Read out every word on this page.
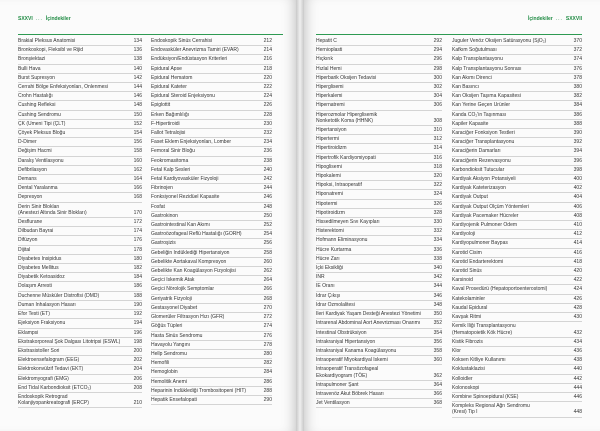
SXXVI ... İçindekiler
Brakial Pleksus Anatomisi	134
Bronkoskopi, Fleksibl ve Rijid	136
Bronşiektazi	138
Bulli Hava	140
Burst Supresyon	142
Cerrahi Bölge Enfeksiyonları, Önlenmesi	144
Crohn Hastalığı	146
Cushing Refleksi	148
Cushing Sendromu	150
ÇK (Ümeni Tipi (ÇLT)	152
Çöyek Pleksus Bloğu	154
D-Dimer	156
Değişim Hacmi	158
Daralış Ventilasyonu	160
Defibrilasyon	162
Demans	164
Dental Yaralanma	166
Depresyon	168
Derin Sinir Blokları
(Anestezi Altında Sinir Blokları)	170
Desflurane	172
Dilbudan Bayrai	174
Difüzyon	176
Dijital	178
Diyabetes İnsipidus	180
Diyabetes Mellitus	182
Diyabetik Ketoasidoz	184
Dolaşım Arresti	186
Duchenne Müsküler Distrofisi (DMD)	188
Duman İnhalasyon Hasarı	190
Efor Testi (ET)	192
Ejeksiyon Fraksiyonu	194
Eklampsi	196
Ekstrakorporeal Şok Dalgası Litotripsi (ESWL)	198
Ekstrasistoller Sori	200
Elektroensefalogram (EEG)	202
Elektrokonvülzif Tedavi (EKT)	204
Elektromyografi (EMG)	206
End Tidal Karbondioksit (ETCO₂)	208
Endoskopik Retrograd
Kolanjiyopankreatografi (ERCP)	210
Endoskopik Sinüs Cerrahisi	212
Endovasküler Anevrizma Tamiri (EVAR)	214
Endüksiyon/Endüstasyon Kriterleri	216
Epidural Apse	218
Epidural Hematom	220
Epidural Kateter	222
Epidural Steroid Enjeksiyonu	224
Epiglottit	226
Erken Bağımlılığı	228
F-Hipertiroidi	230
Fallot Tetralojisi	232
Faset Eklem Enjeksiyonları, Lomber	234
Femoral Sinir Bloğu	236
Feokromasitoma	238
Fetal Kalp Sesleri	240
Fetal Kardiyovasküler Fizyoloji	242
Fibrinojen	244
Fonksiyonel Rezidüel Kapasite	246
Fosfat	248
Gastrokinon	250
Gastrointestinal Kan Akımı	252
Gastroözofageal Reflü Hastalığı (GÖRH)	254
Gastroşizis	256
Gebeliğin İndüklediği Hipertansiyon	258
Gebelikte Aortakaval Kompresyon	260
Gebelikte Kan Koagülasyon Fizyolojisi	262
Geçici İskemik Atak	264
Geçici Nörolojik Semptomlar	266
Geriyatrik Fizyoloji	268
Gestasyonel Diyabet	270
Glomerüler Filtrasyon Hızı (GFR)	272
Göğüs Tüpleri	274
Hasta Sinüs Sendromu	276
Havayolu Yangını	278
Hellp Sendromu	280
Hemofili	282
Hemoglobin	284
Hemolitik Anemi	286
Heparinin İndüklediği Trombositopeni (HIT)	288
Hepatik Ensefalopati	290
İçindekiler ... SXXVII
Hepatit C	292
Hernioplasti	294
Hıçkırık	296
Hızlal Hemi	298
Hiperbarik Oksijen Tedavisi	300
Hiperglisemi	302
Hiperkalemi	304
Hipernatremi	306
Hiperozmolar Hiperglisemik
Nonketotik Koma (HHNK)	308
Hipertansiyon	310
Hipertermi	312
Hipertiroidizm	314
Hipertrofik Kardiyomiyopati	316
Hipoglisemi	318
Hipokalemi	320
Hipoksi, İntraoperatif	322
Hiponatremi	324
Hipotermi	326
Hipotiroidizm	328
Hissedilmeyen Sıvı Kayıpları	330
Histerektomi	332
Hofmann Eliminasyonu	334
Hücre Kurtarma	336
Hücre Zarı	338
İçki Eksikliği	340
İNR	342
İE Oranı	344
İdrar Çıkışı	346
İdrar Ozmolalitesi	348
İleri Kardiyak Yaşam Desteği Anestezi Yönetimi	350
İntrarenal Abdominal Aort Anevrizması Onarımı	352
İntestinal Obstrüksiyon	354
İntrakraniyal Hipertansiyon	356
İntrakraniyal Kanama Koagülasyonu	358
İntraoperatif Miyokardiyal İskemi	360
İntraoperatif Transözofageal
Ekokardiyogram (TÖE)	362
İntrapulmoner Şant	364
İntravenöz Akut Böbrek Hasarı	366
Jet Ventilasyon	368
Juguler Venöz Oksijen Satürasyonu (SjO₂)	370
Kafkım Soğutulması	372
Kalp Transplantasyonu	374
Kalp Transplantasyonu Sonrası	376
Kan Akımı Direnci	378
Kan Basıncı	380
Kan Oksijen Taşıma Kapasitesi	382
Kan Yerine Geçen Ürünler	384
Kanda CO₂'in Taşınması	386
Kapiler Kapasite	388
Karaciğer Fonksiyon Testleri	390
Karaciğer Transplantasyonu	392
Karaciğerin Damarları	394
Karaciğerin Rezervasyonu	396
Karbondioksit Tutucular	398
Kardiyak Aksiyon Potansiyeli	400
Kardiyak Kateterizasyon	402
Kardiyak Output	404
Kardiyak Output Ölçüm Yöntemleri	406
Kardiyak Pacemaker Hücreler	408
Kardiyojenik Pulmoner Ödem	410
Kardiyoloji	412
Kardiyopulmoner Baypas	414
Karotid Cisim	416
Karotid Endarterektomi	418
Karotid Sinüs	420
Karsinoid	422
Kaval Prosedürü (Hepatoportoenterostomi)	424
Katekolaminler	426
Kaudal Epidural	428
Kavşak Ritmi	430
Kemik İliği Transplantasyonu
(Hematopoietik Kök Hücre)	432
Kistik Fibrozis	434
Klor	436
Koksen Kitliye Kullanımı	438
Koklustaklazisi	440
Kolloidler	442
Kolonoskopi	444
Kombine Spinoepidural (KSE)	446
Kompleks Regional Ağrı Sendromu
(Kresi) Tip I	448
